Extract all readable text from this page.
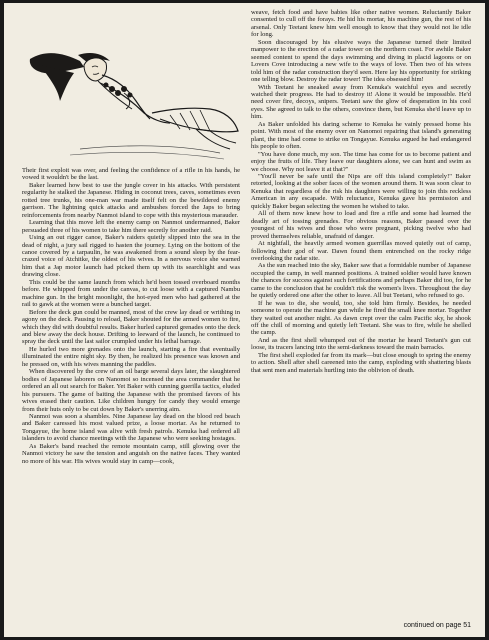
Their first exploit was over, and feeling the confidence of a rifle in his hands, he vowed it wouldn't be the last.

Baker learned how best to use the jungle cover in his attacks. With persistent regularity he stalked the Japanese. Hiding in coconut trees, caves, sometimes even rotted tree trunks, his one-man war made itself felt on the bewildered enemy garrison. The lightning quick attacks and ambushes forced the Japs to bring reinforcements from nearby Nanmoi island to cope with this mysterious marauder.

Learning that this move left the enemy camp on Nanmoi undermanned, Baker persuaded three of his women to take him there secretly for another raid.

Using an out rigger canoe, Baker's raiders quietly slipped into the sea in the dead of night, a jury sail rigged to hasten the journey. Lying on the bottom of the canoe covered by a tarpaulin, he was awakened from a sound sleep by the fear-crazed voice of Atchitke, the oldest of his wives. In a nervous voice she warned him that a Jap motor launch had picked them up with its searchlight and was drawing close.

This could be the same launch from which he'd been tossed overboard months before. He whipped from under the canvas, to cut loose with a captured Nambu machine gun. In the bright moonlight, the hot-eyed men who had gathered at the rail to gawk at the women were a bunched target.

Before the deck gun could be manned, most of the crew lay dead or writhing in agony on the deck. Pausing to reload, Baker shouted for the armed women to fire, which they did with doubtful results. Baker hurled captured grenades onto the deck and blew away the deck house. Drifting to leeward of the launch, he continued to spray the deck until the last sailor crumpled under his lethal barrage.

He hurled two more grenades onto the launch, starting a fire that eventually illuminated the entire night sky. By then, he realized his presence was known and he pressed on, with his wives manning the paddles.

When discovered by the crew of an oil barge several days later, the slaughtered bodies of Japanese laborers on Nanomoi so incensed the area commander that he ordered an all out search for Baker. Yet Baker with cunning guerilla tactics, eluded his pursuers. The game of baiting the Japanese with the promised favors of his wives erased their caution. Like children hungry for candy they would emerge from their huts only to be cut down by Baker's unerring aim.

Nanmoi was soon a shambles. Nine Japanese lay dead on the blood red beach and Baker caressed his most valued prize, a loose mortar. As he returned to Tongayue, the home island was alive with fresh patrols. Kenuka had ordered all islanders to avoid chance meetings with the Japanese who were seeking hostages.

As Baker's band reached the remote mountain camp, still glowing over the Nanmoi victory he saw the tension and anguish on the native faces. They wanted no more of his war. His wives would stay in camp—cook,

weave, fetch food and have babies like other native women. Reluctantly Baker consented to cull off the forays. He hid his mortar, his machine gun, the rest of his arsenal. Only Teetani knew him well enough to know that they would not lie idle for long.

Soon discouraged by his elusive ways the Japanese turned their limited manpower to the erection of a radar tower on the northern coast. For awhile Baker seemed content to spend the days swimming and diving in placid lagoons or on Lovers Cove introducing a new wife to the ways of love. Then two of his wives told him of the radar construction they'd seen. Here lay his opportunity for striking one telling blow. Destroy the radar tower! The idea obsessed him!

With Teetani he sneaked away from Kenuka's watchful eyes and secretly watched their progress. He had to destroy it! Alone it would be impossible. He'd need cover fire, decoys, snipers. Teetani saw the glow of desperation in his cool eyes. She agreed to talk to the others, convince them, but Kenuka she'd leave up to him.

As Baker unfolded his daring scheme to Kenuka he vainly pressed home his point. With most of the enemy over on Nanomoi repairing that island's generating plant, the time had come to strike on Tongayue. Kenuka argued he had endangered his people to often.

"You have done much, my son. The time has come for us to become patient and enjoy the fruits of life. They leave our daughters alone, we can hunt and swim as we choose. Why not leave it at that?"

"You'll never be safe until the Nips are off this island completely!" Baker retorted, looking at the sober faces of the women around them. It was soon clear to Kenuka that regardless of the risk his daughters were willing to join this reckless American in any escapade. With reluctance, Kenuka gave his permission and quickly Baker began selecting the women he wished to take.

All of them now knew how to load and fire a rifle and some had learned the deadly art of tossing grenades. For obvious reasons, Baker passed over the youngest of his wives and those who were pregnant, picking twelve who had proved themselves reliable, unafraid of danger.

At nightfall, the heavily armed women guerrillas moved quietly out of camp, following their god of war. Dawn found them entrenched on the rocky ridge overlooking the radar site.

As the sun reached into the sky, Baker saw that a formidable number of Japanese occupied the camp, in well manned positions. A trained soldier would have known the chances for success against such fortifications and perhaps Baker did too, for he came to the conclusion that he couldn't risk the women's lives. Throughout the day he quietly ordered one after the other to leave. All but Teetani, who refused to go.

If he was to die, she would, too, she told him firmly. Besides, he needed someone to operate the machine gun while he fired the small knee mortar. Together they waited out another night. As dawn crept over the calm Pacific sky, he shook off the chill of morning and quietly left Teetani. She was to fire, while he shelled the camp.

And as the first shell whumped out of the mortar he heard Teetani's gun cut loose, its tracers lancing into the semi-darkness toward the main barracks.

The first shell exploded far from its mark—but close enough to spring the enemy to action. Shell after shell careened into the camp, exploding with shattering blasts that sent men and materials hurtling into the oblivion of death.

continued on page 51
